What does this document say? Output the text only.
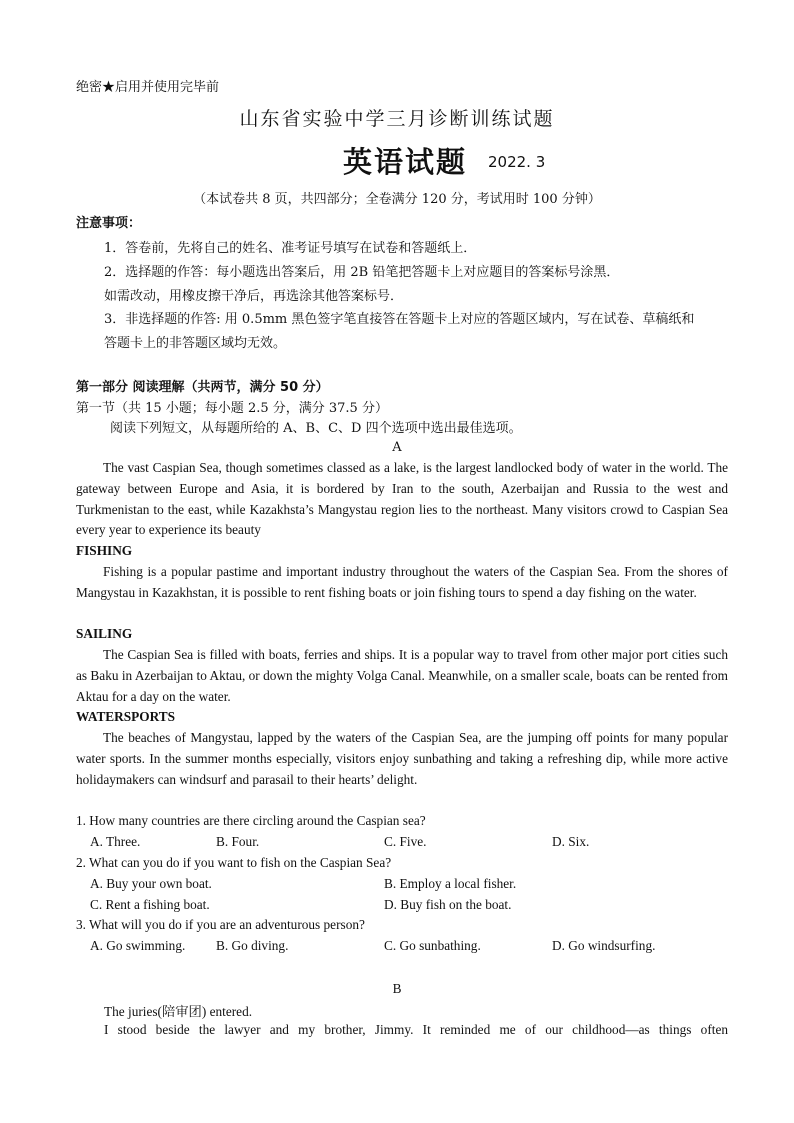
绝密★启用并使用完毕前
山东省实验中学三月诊断训练试题
英语试题 2022. 3
（本试卷共 8 页，共四部分；全卷满分 120 分，考试用时 100 分钟）
注意事项：
1．答卷前，先将自己的姓名、准考证号填写在试卷和答题纸上．
2．选择题的作答：每小题选出答案后，用 2B 铅笔把答题卡上对应题目的答案标号涂黑．
如需改动，用橡皮擦干净后，再选涂其他答案标号．
3．非选择题的作答: 用 0.5mm 黑色签字笔直接答在答题卡上对应的答题区域内，写在试卷、草稿纸和
答题卡上的非答题区域均无效。
第一部分 阅读理解（共两节，满分 50 分）
第一节（共 15 小题；每小题 2.5 分，满分 37.5 分）
阅读下列短文，从每题所给的 A、B、C、D 四个选项中选出最佳选项。
A

The vast Caspian Sea, though sometimes classed as a lake, is the largest landlocked body of water in the world. The gateway between Europe and Asia, it is bordered by Iran to the south, Azerbaijan and Russia to the west and Turkmenistan to the east, while Kazakhsta’s Mangystau region lies to the northeast. Many visitors crowd to Caspian Sea every year to experience its beauty

FISHING

Fishing is a popular pastime and important industry throughout the waters of the Caspian Sea. From the shores of Mangystau in Kazakhstan, it is possible to rent fishing boats or join fishing tours to spend a day fishing on the water.

SAILING

The Caspian Sea is filled with boats, ferries and ships. It is a popular way to travel from other major port cities such as Baku in Azerbaijan to Aktau, or down the mighty Volga Canal. Meanwhile, on a smaller scale, boats can be rented from Aktau for a day on the water.

WATERSPORTS

The beaches of Mangystau, lapped by the waters of the Caspian Sea, are the jumping off points for many popular water sports. In the summer months especially, visitors enjoy sunbathing and taking a refreshing dip, while more active holidaymakers can windsurf and parasail to their hearts’ delight.

1. How many countries are there circling around the Caspian sea?
A. Three.	B. Four.	C. Five.	D. Six.
2. What can you do if you want to fish on the Caspian Sea?
A. Buy your own boat.	B. Employ a local fisher.
C. Rent a fishing boat.	D. Buy fish on the boat.
3. What will you do if you are an adventurous person?
A. Go swimming. B. Go diving.	C. Go sunbathing.	D. Go windsurfing.
B
The juries(陪审团) entered.
I stood beside the lawyer and my brother, Jimmy. It reminded me of our childhood—as things often
